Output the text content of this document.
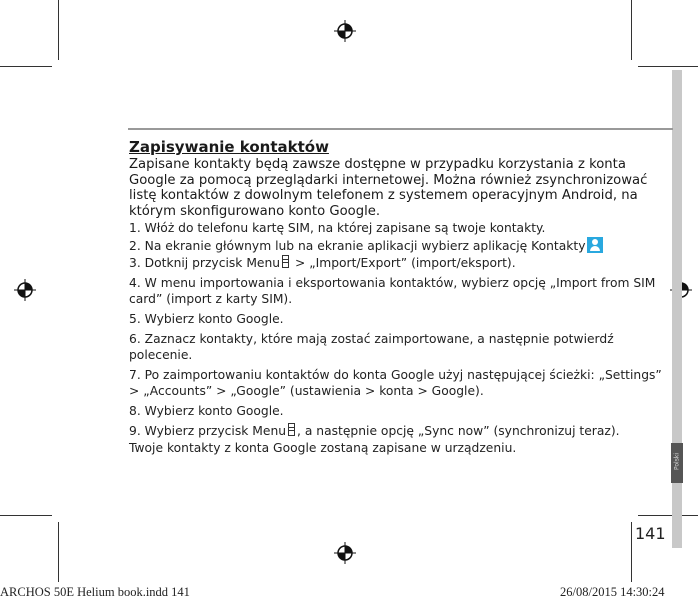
Polski
Zapisywanie kontaktów
Zapisane kontakty będą zawsze dostępne w przypadku korzystania z konta Google za pomocą przeglądarki internetowej. Można również zsynchronizować listę kontaktów z dowolnym telefonem z systemem operacyjnym Android, na którym skonfigurowano konto Google.
1. Włóż do telefonu kartę SIM, na której zapisane są twoje kontakty.
2. Na ekranie głównym lub na ekranie aplikacji wybierz aplikację Kontakty
3. Dotknij przycisk Menu > „Import/Export” (import/eksport).
4. W menu importowania i eksportowania kontaktów, wybierz opcję „Import from SIM card” (import z karty SIM).
5. Wybierz konto Google.
6. Zaznacz kontakty, które mają zostać zaimportowane, a następnie potwierdź polecenie.
7. Po zaimportowaniu kontaktów do konta Google użyj następującej ścieżki: „Settings” > „Accounts” > „Google” (ustawienia > konta > Google).
8. Wybierz konto Google.
9. Wybierz przycisk Menu , a następnie opcję „Sync now” (synchronizuj teraz).
Twoje kontakty z konta Google zostaną zapisane w urządzeniu.
141
ARCHOS 50E Helium book.indd 141	26/08/2015 14:30:24
